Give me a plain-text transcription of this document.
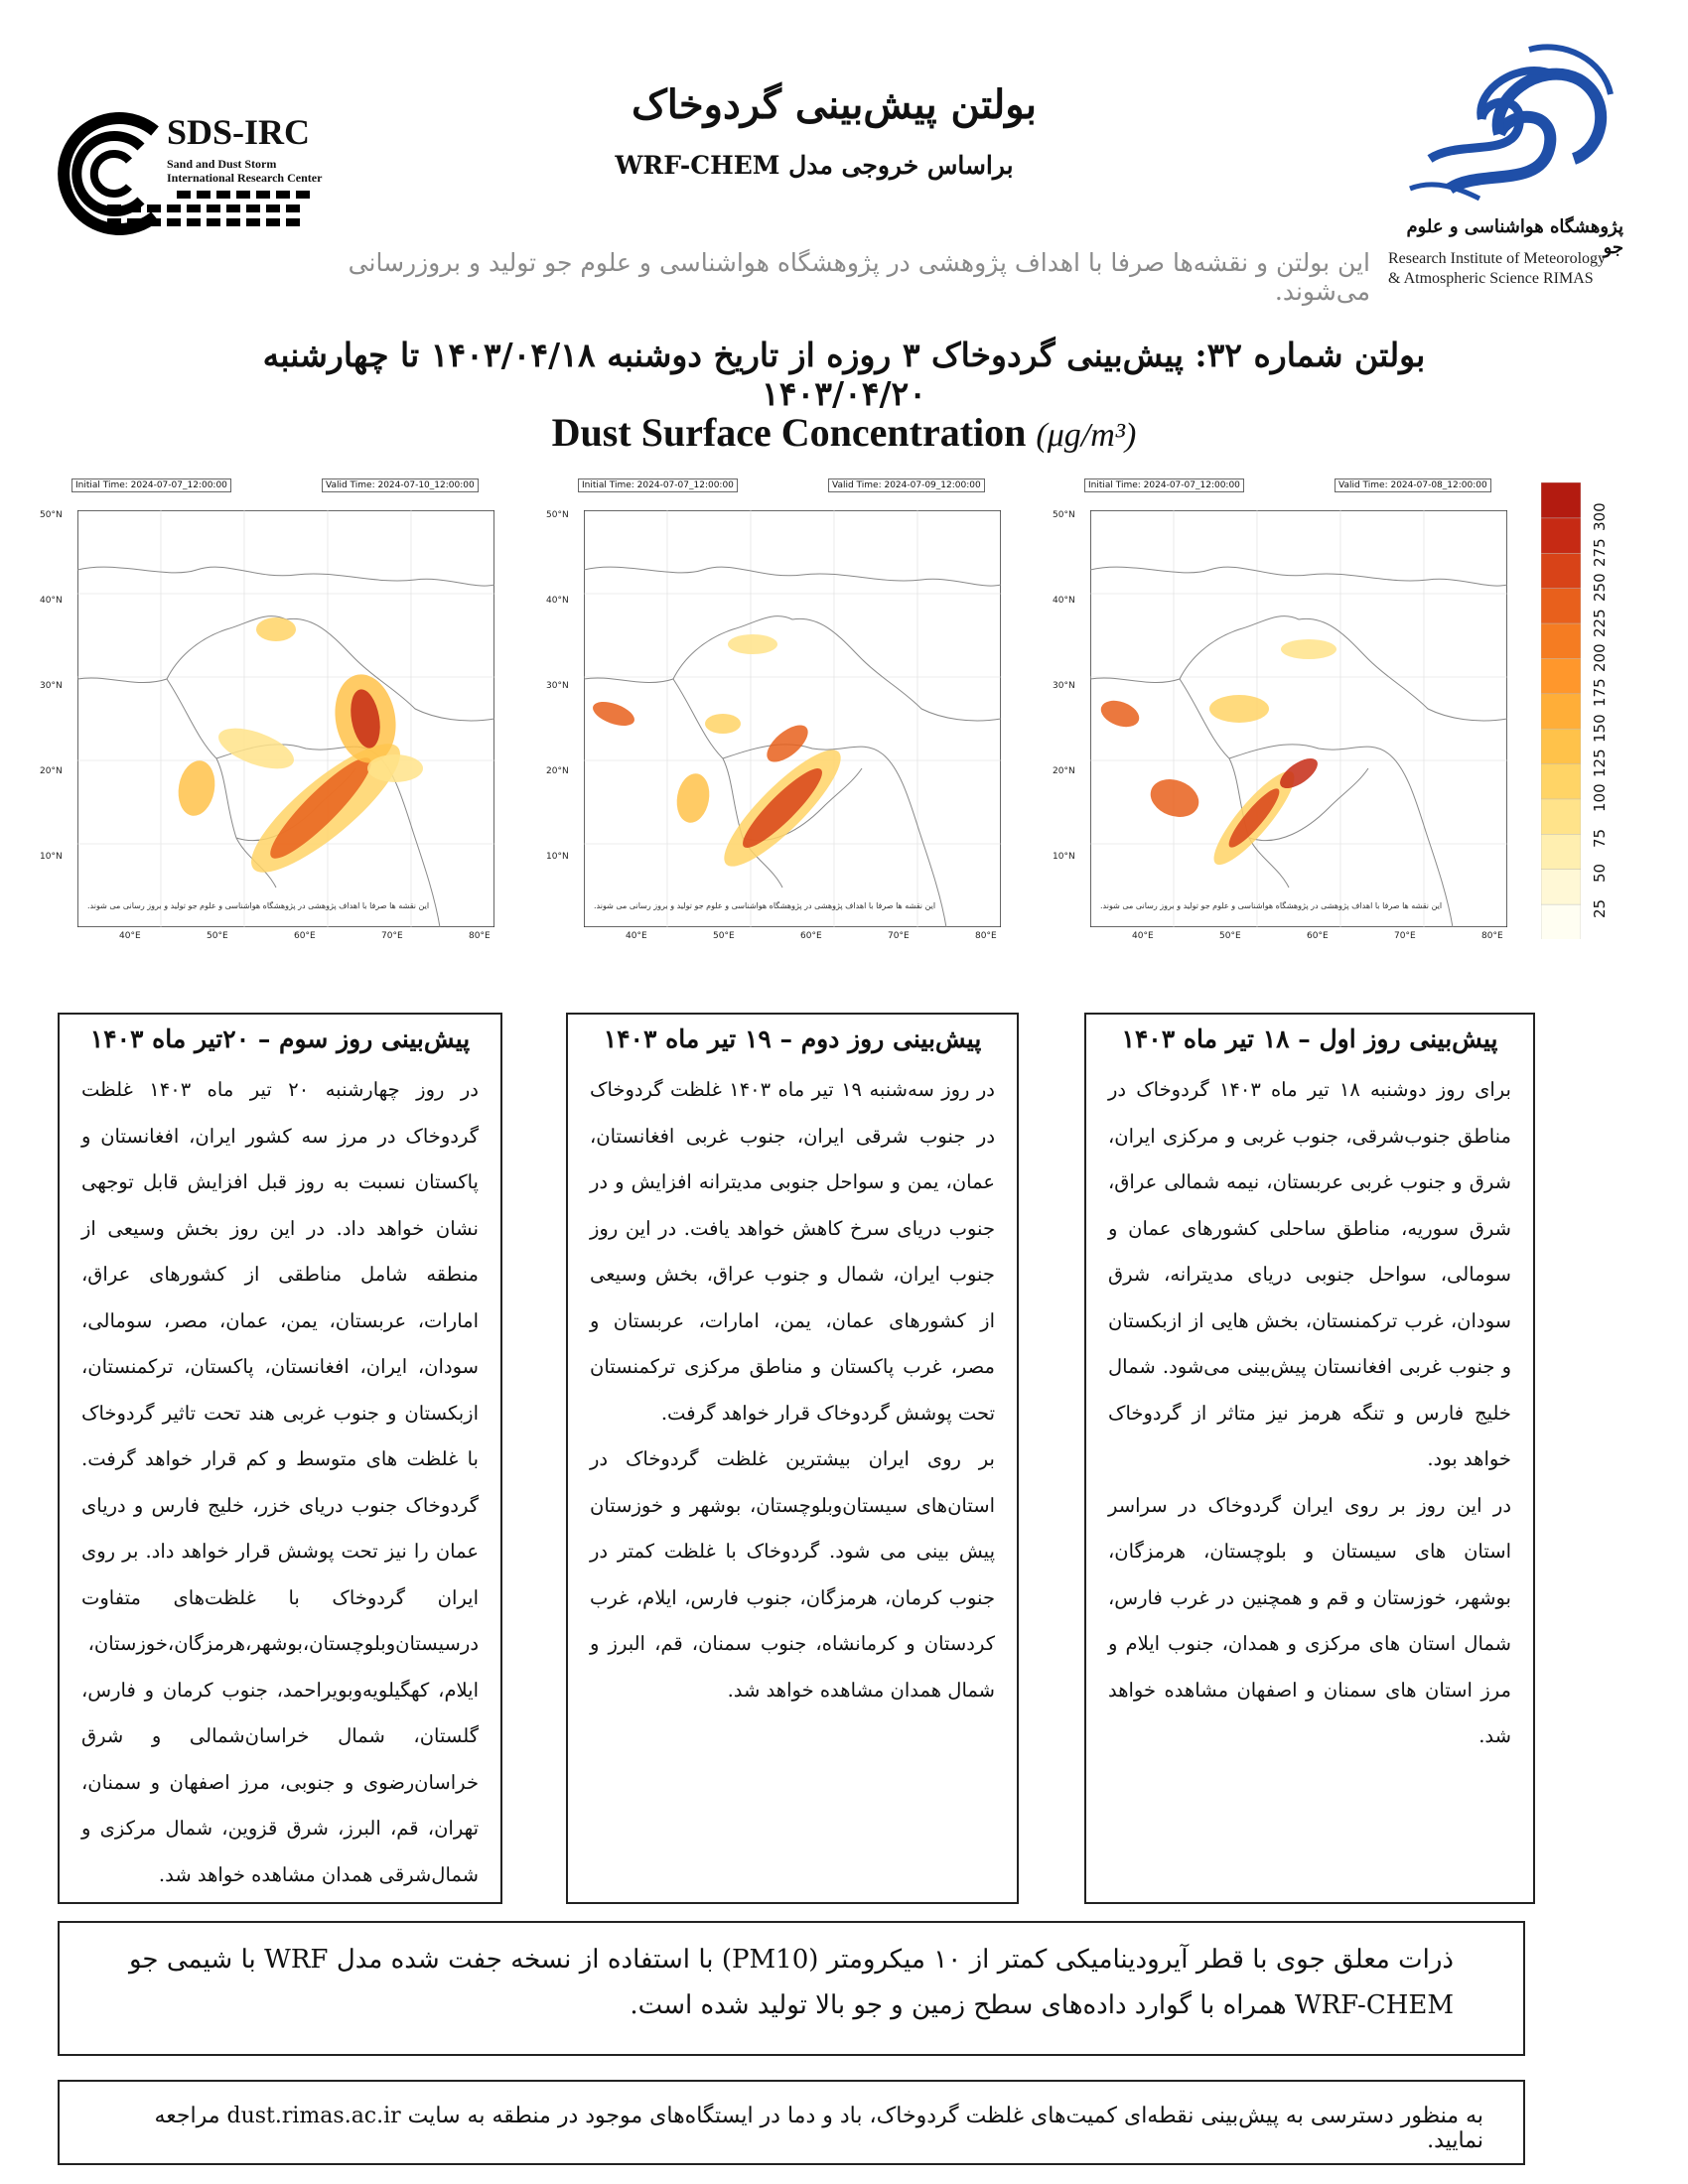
SDS-IRC
Sand and Dust Storm
International Research Center
پژوهشگاه هواشناسی و علوم جو
Research Institute of Meteorology
& Atmospheric Science RIMAS
بولتن پیش‌بینی گردوخاک
براساس خروجی مدل WRF-CHEM
این بولتن و نقشه‌ها صرفا با اهداف پژوهشی در پژوهشگاه هواشناسی و علوم جو تولید و بروزرسانی می‌شوند.
بولتن شماره ۳۲: پیش‌بینی گردوخاک ۳ روزه از تاریخ دوشنبه ۱۴۰۳/۰۴/۱۸ تا چهارشنبه ۱۴۰۳/۰۴/۲۰
Dust Surface Concentration (μg/m³)
Initial Time: 2024-07-07_12:00:00	Valid Time: 2024-07-10_12:00:00
50°N
40°N
30°N
20°N
10°N
40°E	50°E	60°E	70°E	80°E
این نقشه ها صرفا با اهداف پژوهشی در پژوهشگاه هواشناسی و علوم جو تولید و بروز رسانی می شوند.
Initial Time: 2024-07-07_12:00:00	Valid Time: 2024-07-09_12:00:00
50°N
40°N
30°N
20°N
10°N
40°E	50°E	60°E	70°E	80°E
این نقشه ها صرفا با اهداف پژوهشی در پژوهشگاه هواشناسی و علوم جو تولید و بروز رسانی می شوند.
Initial Time: 2024-07-07_12:00:00	Valid Time: 2024-07-08_12:00:00
50°N
40°N
30°N
20°N
10°N
40°E	50°E	60°E	70°E	80°E
این نقشه ها صرفا با اهداف پژوهشی در پژوهشگاه هواشناسی و علوم جو تولید و بروز رسانی می شوند.	25
50
75
100
125
150
175
200
225
250
275
300
پیش‌بینی روز سوم – ۲۰تیر ماه ۱۴۰۳

در روز چهارشنبه ۲۰ تیر ماه ۱۴۰۳ غلظت گردوخاک در مرز سه کشور ایران، افغانستان و پاکستان نسبت به روز قبل افزایش قابل توجهی نشان خواهد داد. در این روز بخش وسیعی از منطقه شامل مناطقی از کشورهای عراق، امارات، عربستان، یمن، عمان، مصر، سومالی، سودان، ایران، افغانستان، پاکستان، ترکمنستان، ازبکستان و جنوب غربی هند تحت تاثیر گردوخاک با غلظت های متوسط و کم قرار خواهد گرفت. گردوخاک جنوب دریای خزر، خلیج فارس و دریای عمان را نیز تحت پوشش قرار خواهد داد. بر روی ایران گردوخاک با غلظت‌های متفاوت درسیستان‌وبلوچستان،بوشهر،هرمزگان،خوزستان، ایلام، کهگیلویه‌وبویراحمد، جنوب کرمان و فارس، گلستان، شمال خراسان‌شمالی و شرق خراسان‌رضوی و جنوبی، مرز اصفهان و سمنان، تهران، قم، البرز، شرق قزوین، شمال مرکزی و شمال‌شرقی همدان مشاهده خواهد شد.

پیش‌بینی روز دوم – ۱۹ تیر ماه ۱۴۰۳

در روز سه‌شنبه ۱۹ تیر ماه ۱۴۰۳ غلظت گردوخاک در جنوب شرقی ایران، جنوب غربی افغانستان، عمان، یمن و سواحل جنوبی مدیترانه افزایش و در جنوب دریای سرخ کاهش خواهد یافت. در این روز جنوب ایران، شمال و جنوب عراق، بخش وسیعی از کشورهای عمان، یمن، امارات، عربستان و مصر، غرب پاکستان و مناطق مرکزی ترکمنستان تحت پوشش گردوخاک قرار خواهد گرفت.

بر روی ایران بیشترین غلظت گردوخاک در استان‌های سیستان‌وبلوچستان، بوشهر و خوزستان پیش بینی می شود. گردوخاک با غلظت کمتر در جنوب کرمان، هرمزگان، جنوب فارس، ایلام، غرب کردستان و کرمانشاه، جنوب سمنان، قم، البرز و شمال همدان مشاهده خواهد شد.

پیش‌بینی روز اول – ۱۸ تیر ماه ۱۴۰۳

برای روز دوشنبه ۱۸ تیر ماه ۱۴۰۳ گردوخاک در مناطق جنوب‌شرقی، جنوب غربی و مرکزی ایران، شرق و جنوب غربی عربستان، نیمه شمالی عراق، شرق سوریه، مناطق ساحلی کشورهای عمان و سومالی، سواحل جنوبی دریای مدیترانه، شرق سودان، غرب ترکمنستان، بخش هایی از ازبکستان و جنوب غربی افغانستان پیش‌بینی می‌شود. شمال خلیج فارس و تنگه هرمز نیز متاثر از گردوخاک خواهد بود.

در این روز بر روی ایران گردوخاک در سراسر استان های سیستان و بلوچستان، هرمزگان، بوشهر، خوزستان و قم و همچنین در غرب فارس، شمال استان های مرکزی و همدان، جنوب ایلام و مرز استان های سمنان و اصفهان مشاهده خواهد شد.

ذرات معلق جوی با قطر آیرودینامیکی کمتر از ۱۰ میکرومتر (PM10) با استفاده از نسخه جفت شده مدل WRF با شیمی جو WRF-CHEM همراه با گوارد داده‌های سطح زمین و جو بالا تولید شده است.

به منظور دسترسی به پیش‌بینی نقطه‌ای کمیت‌های غلظت گردوخاک، باد و دما در ایستگاه‌های موجود در منطقه به سایت dust.rimas.ac.ir مراجعه نمایید.
